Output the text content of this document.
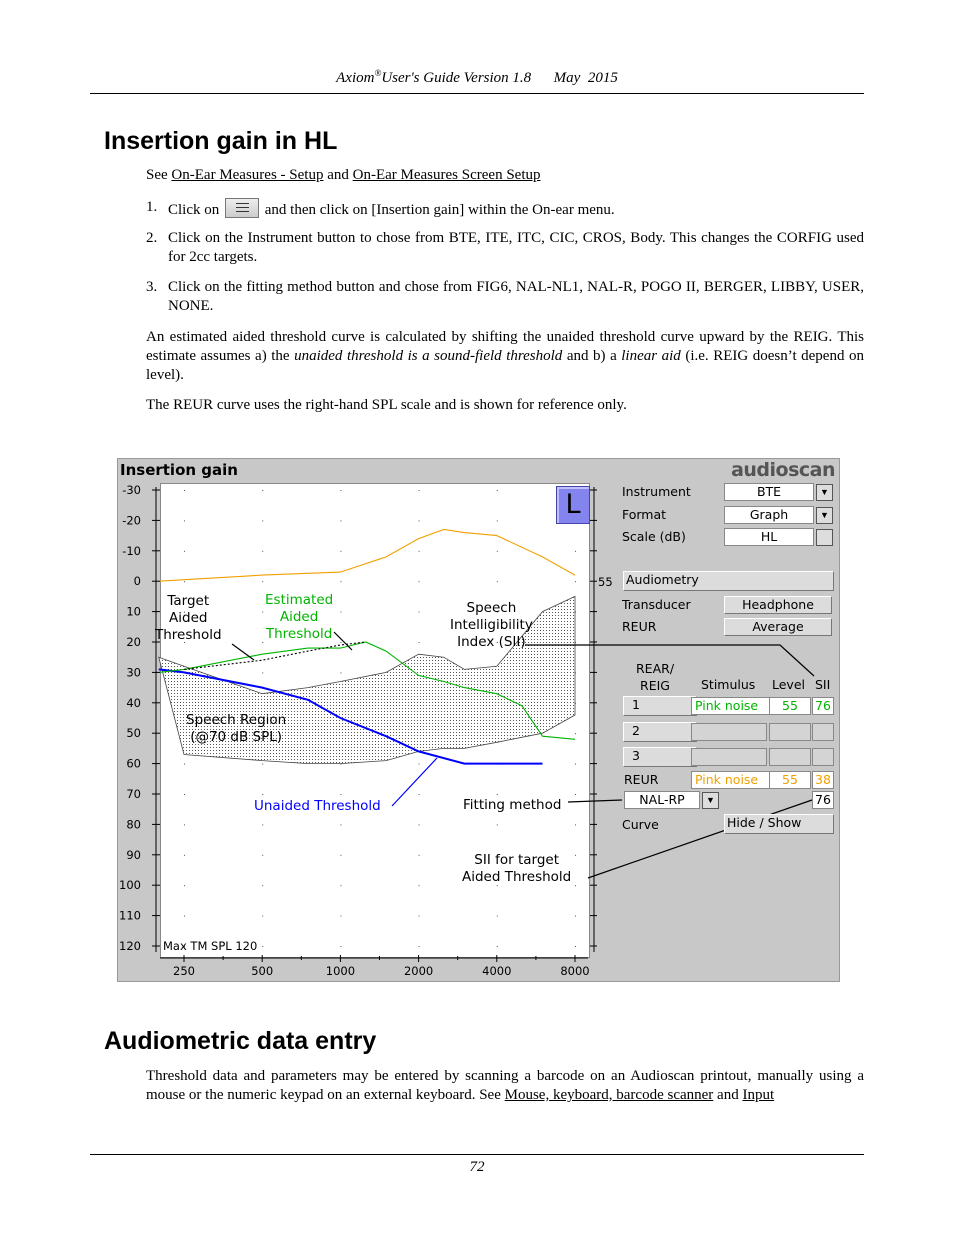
Axiom®User's Guide Version 1.8      May  2015
Insertion gain in HL
See On-Ear Measures - Setup and On-Ear Measures Screen Setup
1. Click on	and then click on [Insertion gain] within the On-ear menu.
2. Click on the Instrument button to chose from BTE, ITE, ITC, CIC, CROS, Body. This changes the CORFIG used for 2cc targets.
3. Click on the fitting method button and chose from FIG6, NAL-NL1, NAL-R, POGO II, BERGER, LIBBY, USER, NONE.
An estimated aided threshold curve is calculated by shifting the unaided threshold curve upward by the REIG. This estimate assumes a) the unaided threshold is a sound-field threshold and b) a linear aid (i.e. REIG doesn’t depend on level).
The REUR curve uses the right-hand SPL scale and is shown for reference only.
Insertion gain	audioscan
-30
-20
-10
0
10
20
30
40
50
60
70
80
90
100
110
120
250	500	1000	2000	4000	8000
L
Max TM SPL 120
55
Target
Aided
Threshold
Estimated
Aided
Threshold
Speech
Intelligibility
Index (SII)
Speech Region
(@70 dB SPL)
Unaided Threshold	Fitting method
SII for target
Aided Threshold
Instrument	BTE	▼
Format	Graph	▼
Scale (dB)	HL
Audiometry
Transducer	Headphone
REUR	Average
REAR/
REIG	Stimulus Level SII
1	Pink noise	55	76
2
3
REUR	Pink noise	55	38
NAL-RP	▼	76
Curve	Hide / Show
Audiometric data entry
Threshold data and parameters may be entered by scanning a barcode on an Audioscan printout, manually using a mouse or the numeric keypad on an external keyboard. See Mouse, keyboard, barcode scanner and Input
72
